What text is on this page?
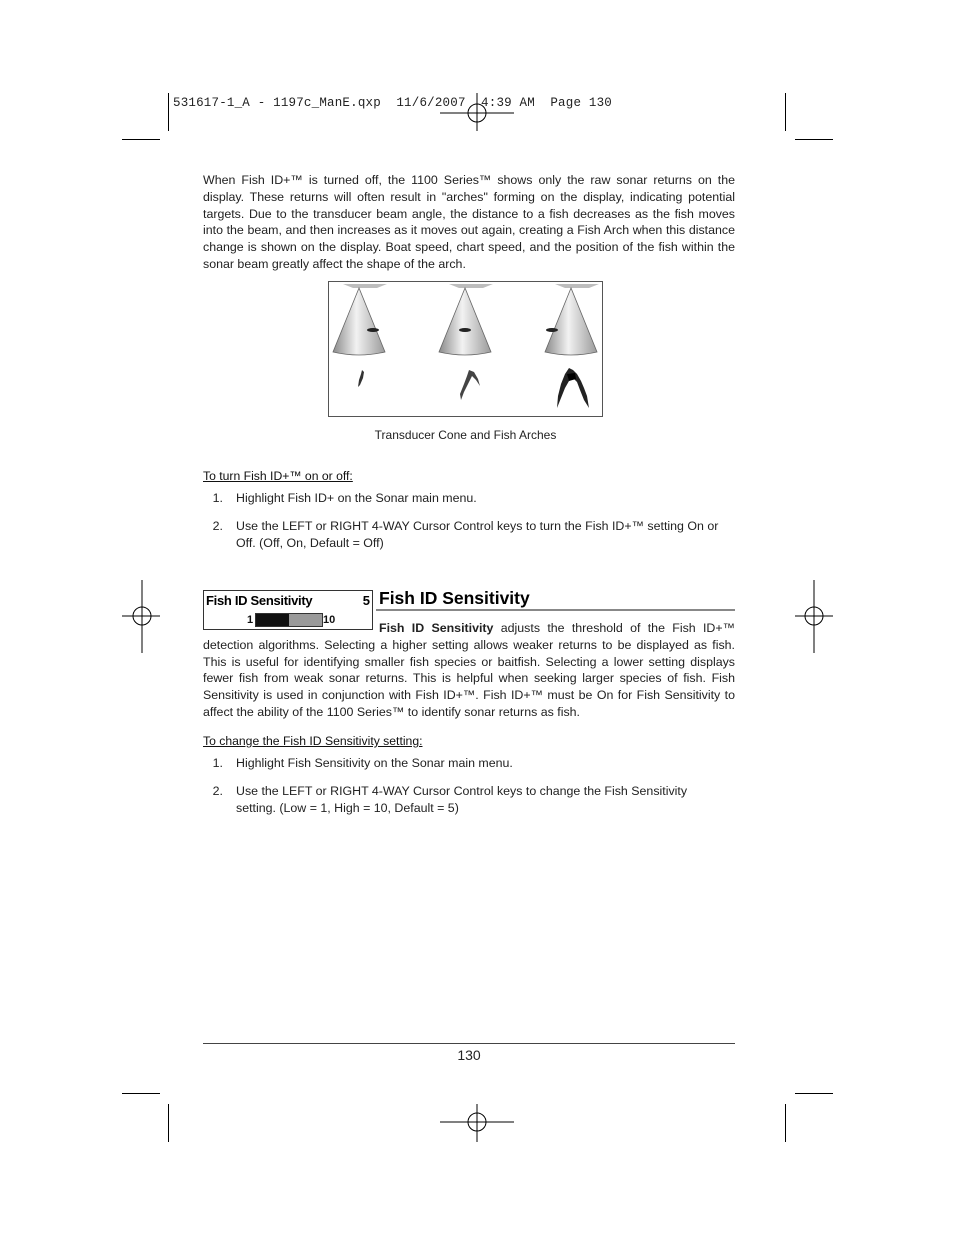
531617-1_A - 1197c_ManE.qxp  11/6/2007  4:39 AM  Page 130
When Fish ID+™ is turned off, the 1100 Series™ shows only the raw sonar returns on the display. These returns will often result in "arches" forming on the display, indicating potential targets. Due to the transducer beam angle, the distance to a fish decreases as the fish moves into the beam, and then increases as it moves out again, creating a Fish Arch when this distance change is shown on the display. Boat speed, chart speed, and the position of the fish within the sonar beam greatly affect the shape of the arch.
Transducer Cone and Fish Arches
To turn Fish ID+™ on or off:
1. Highlight Fish ID+ on the Sonar main menu.
2. Use the LEFT or RIGHT 4-WAY Cursor Control keys to turn the Fish ID+™ setting On or Off. (Off, On, Default = Off)
Fish ID Sensitivity	5
1	10
Fish ID Sensitivity
Fish ID Sensitivity adjusts the threshold of the Fish ID+™ detection algorithms. Selecting a higher setting allows weaker returns to be displayed as fish. This is useful for identifying smaller fish species or baitfish. Selecting a lower setting displays fewer fish from weak sonar returns. This is helpful when seeking larger species of fish. Fish Sensitivity is used in conjunction with Fish ID+™. Fish ID+™ must be On for Fish Sensitivity to affect the ability of the 1100 Series™ to identify sonar returns as fish.
To change the Fish ID Sensitivity setting:
1. Highlight Fish Sensitivity on the Sonar main menu.
2. Use the LEFT or RIGHT 4-WAY Cursor Control keys to change the Fish Sensitivity setting. (Low = 1, High = 10, Default = 5)
130
